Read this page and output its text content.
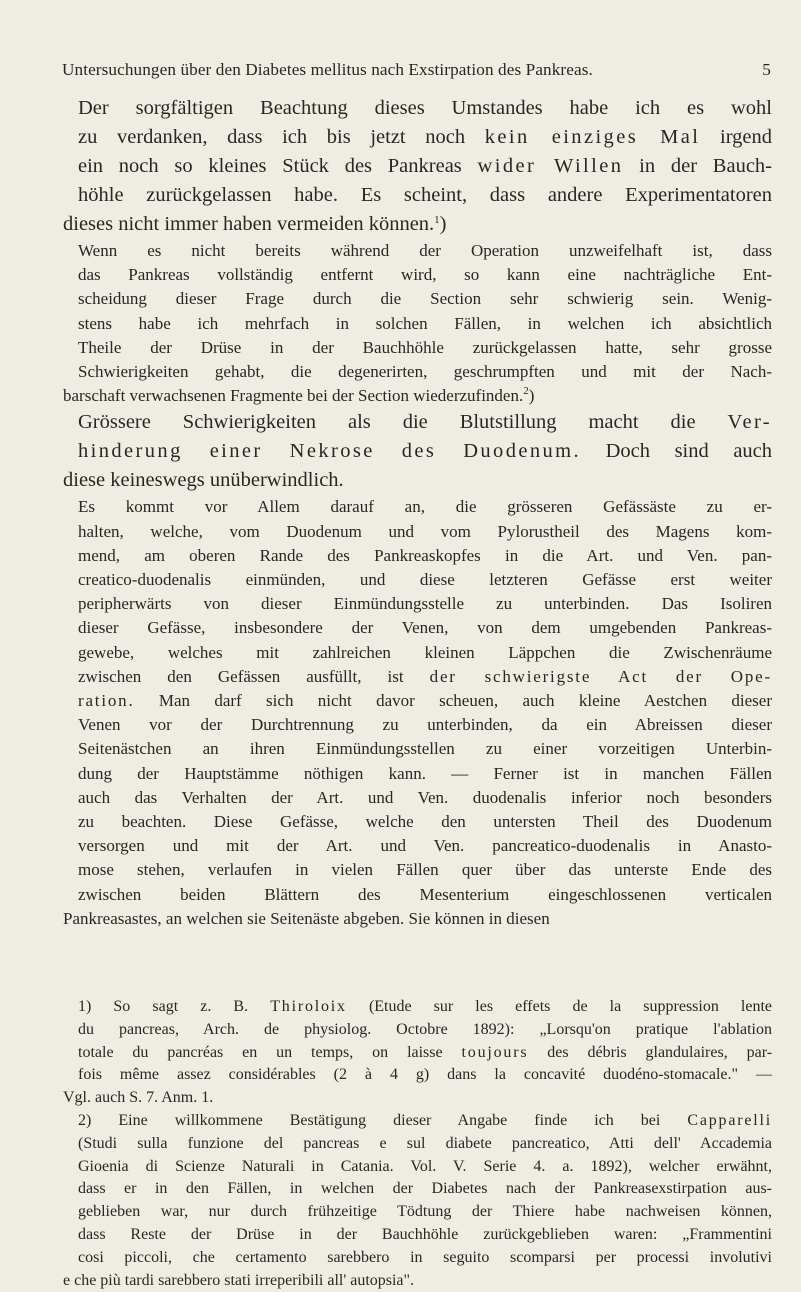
Untersuchungen über den Diabetes mellitus nach Exstirpation des Pankreas.	5

Der sorgfältigen Beachtung dieses Umstandes habe ich es wohl
zu verdanken, dass ich bis jetzt noch kein einziges Mal irgend
ein noch so kleines Stück des Pankreas wider Willen in der Bauch-
höhle zurückgelassen habe. Es scheint, dass andere Experimentatoren

dieses nicht immer haben vermeiden können.$^1$)

Wenn es nicht bereits während der Operation unzweifelhaft ist, dass
das Pankreas vollständig entfernt wird, so kann eine nachträgliche Ent-
scheidung dieser Frage durch die Section sehr schwierig sein. Wenig-
stens habe ich mehrfach in solchen Fällen, in welchen ich absichtlich
Theile der Drüse in der Bauchhöhle zurückgelassen hatte, sehr grosse
Schwierigkeiten gehabt, die degenerirten, geschrumpften und mit der Nach-

barschaft verwachsenen Fragmente bei der Section wiederzufinden.$^2$)

Grössere Schwierigkeiten als die Blutstillung macht die Ver-
hinderung einer Nekrose des Duodenum. Doch sind auch

diese keineswegs unüberwindlich.

Es kommt vor Allem darauf an, die grösseren Gefässäste zu er-
halten, welche, vom Duodenum und vom Pylorustheil des Magens kom-
mend, am oberen Rande des Pankreaskopfes in die Art. und Ven. pan-
creatico-duodenalis einmünden, und diese letzteren Gefässe erst weiter
peripherwärts von dieser Einmündungsstelle zu unterbinden. Das Isoliren
dieser Gefässe, insbesondere der Venen, von dem umgebenden Pankreas-
gewebe, welches mit zahlreichen kleinen Läppchen die Zwischenräume
zwischen den Gefässen ausfüllt, ist der schwierigste Act der Ope-
ration. Man darf sich nicht davor scheuen, auch kleine Aestchen dieser
Venen vor der Durchtrennung zu unterbinden, da ein Abreissen dieser
Seitenästchen an ihren Einmündungsstellen zu einer vorzeitigen Unterbin-
dung der Hauptstämme nöthigen kann. — Ferner ist in manchen Fällen
auch das Verhalten der Art. und Ven. duodenalis inferior noch besonders
zu beachten. Diese Gefässe, welche den untersten Theil des Duodenum
versorgen und mit der Art. und Ven. pancreatico-duodenalis in Anasto-
mose stehen, verlaufen in vielen Fällen quer über das unterste Ende des
zwischen beiden Blättern des Mesenterium eingeschlossenen verticalen

Pankreasastes, an welchen sie Seitenäste abgeben. Sie können in diesen

1) So sagt z. B. Thiroloix (Etude sur les effets de la suppression lente
du pancreas, Arch. de physiolog. Octobre 1892): „Lorsqu'on pratique l'ablation
totale du pancréas en un temps, on laisse toujours des débris glandulaires, par-
fois même assez considérables (2 à 4 g) dans la concavité duodéno-stomacale." —

Vgl. auch S. 7. Anm. 1.

2) Eine willkommene Bestätigung dieser Angabe finde ich bei Capparelli
(Studi sulla funzione del pancreas e sul diabete pancreatico, Atti dell' Accademia
Gioenia di Scienze Naturali in Catania. Vol. V. Serie 4. a. 1892), welcher erwähnt,
dass er in den Fällen, in welchen der Diabetes nach der Pankreasexstirpation aus-
geblieben war, nur durch frühzeitige Tödtung der Thiere habe nachweisen können,
dass Reste der Drüse in der Bauchhöhle zurückgeblieben waren: „Frammentini
cosi piccoli, che certamento sarebbero in seguito scomparsi per processi involutivi

e che più tardi sarebbero stati irreperibili all' autopsia".
